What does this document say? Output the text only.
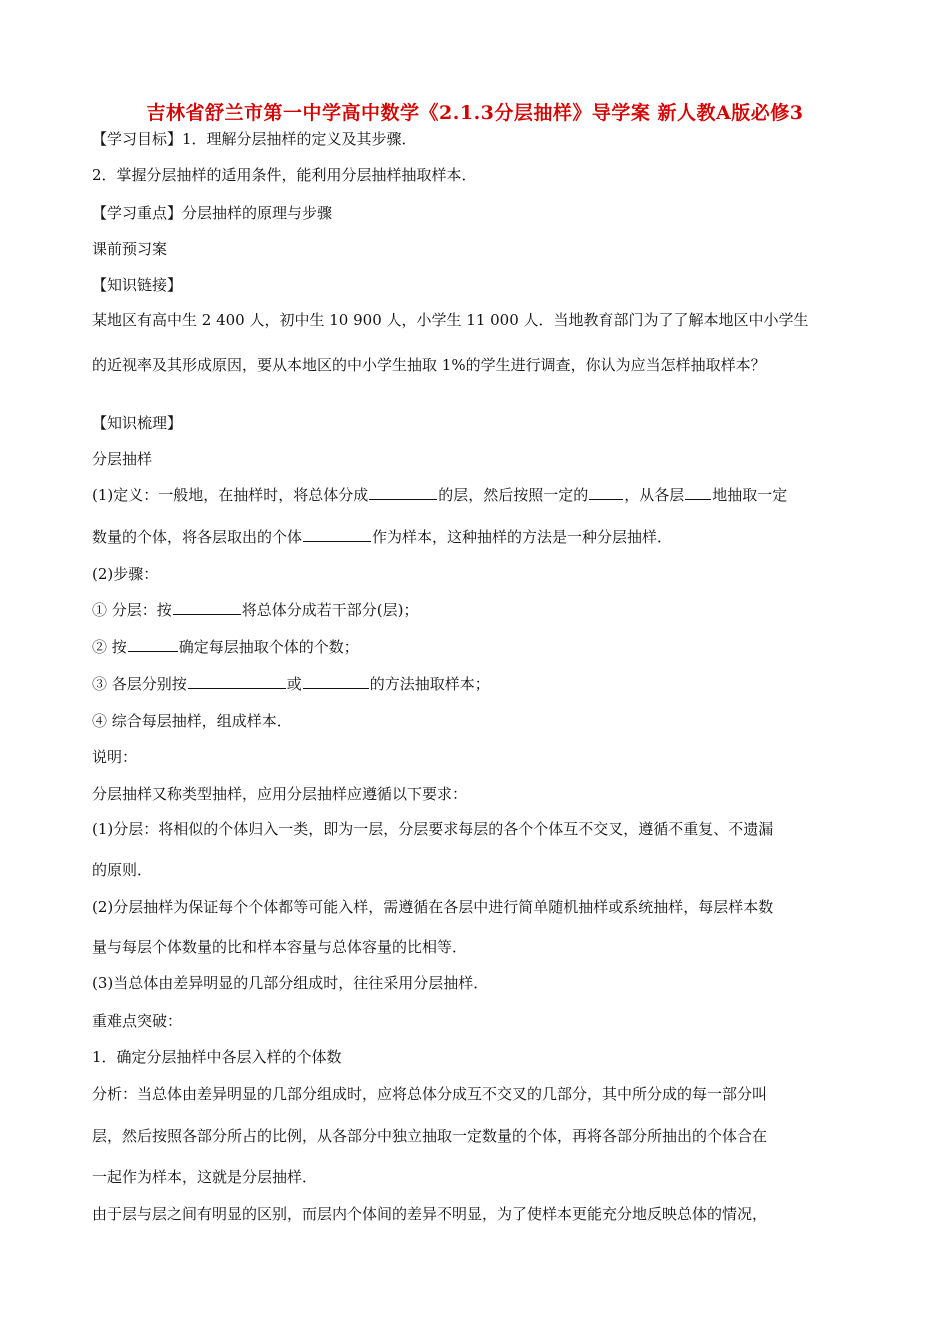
吉林省舒兰市第一中学高中数学《2.1.3分层抽样》导学案 新人教A版必修3
【学习目标】1．理解分层抽样的定义及其步骤．
2．掌握分层抽样的适用条件，能利用分层抽样抽取样本．
【学习重点】分层抽样的原理与步骤
课前预习案
【知识链接】
某地区有高中生 2 400 人，初中生 10 900 人，小学生 11 000 人．当地教育部门为了了解本地区中小学生
的近视率及其形成原因，要从本地区的中小学生抽取 1%的学生进行调查，你认为应当怎样抽取样本？
【知识梳理】
分层抽样
(1)定义：一般地，在抽样时，将总体分成	的层，然后按照一定的 ，从各层 地抽取一定
数量的个体，将各层取出的个体	作为样本，这种抽样的方法是一种分层抽样．
(2)步骤：
① 分层：按	将总体分成若干部分(层)；
② 按	确定每层抽取个体的个数；
③ 各层分别按	或	的方法抽取样本；
④ 综合每层抽样，组成样本．
说明：
分层抽样又称类型抽样，应用分层抽样应遵循以下要求：
(1)分层：将相似的个体归入一类，即为一层，分层要求每层的各个个体互不交叉，遵循不重复、不遗漏
的原则．
(2)分层抽样为保证每个个体都等可能入样，需遵循在各层中进行简单随机抽样或系统抽样，每层样本数
量与每层个体数量的比和样本容量与总体容量的比相等．
(3)当总体由差异明显的几部分组成时，往往采用分层抽样．
重难点突破：
1．确定分层抽样中各层入样的个体数
分析：当总体由差异明显的几部分组成时，应将总体分成互不交叉的几部分，其中所分成的每一部分叫
层，然后按照各部分所占的比例，从各部分中独立抽取一定数量的个体，再将各部分所抽出的个体合在
一起作为样本，这就是分层抽样．
由于层与层之间有明显的区别，而层内个体间的差异不明显，为了使样本更能充分地反映总体的情况，
